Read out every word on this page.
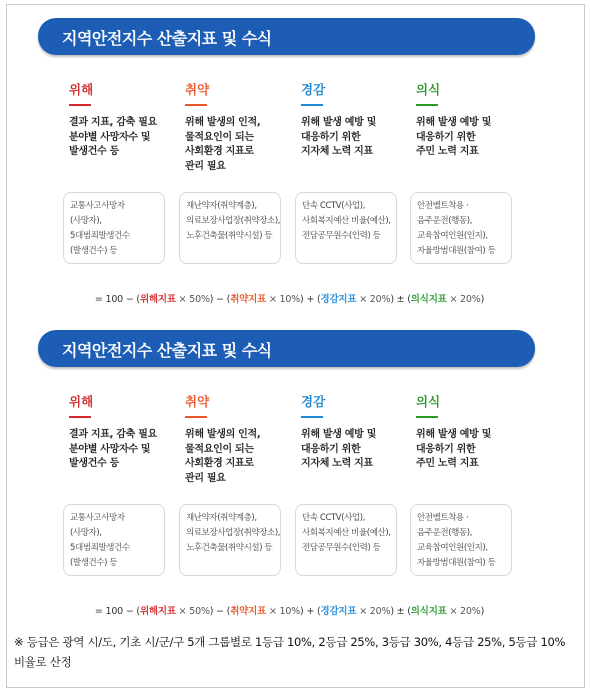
지역안전지수 산출지표 및 수식
위해
결과 지표, 감축 필요
분야별 사망자수 및
발생건수 등
교통사고사망자
(사망자),
5대범죄발생건수
(발생건수) 등
취약
위해 발생의 인적,
물적요인이 되는
사회환경 지표로
관리 필요
재난약자(취약계층),
의료보장사업장(취약장소),
노후건축물(취약시설) 등
경감
위해 발생 예방 및
대응하기 위한
지자체 노력 지표
단속 CCTV(사업),
사회복지예산 비율(예산),
전담공무원수(인력) 등
의식
위해 발생 예방 및
대응하기 위한
주민 노력 지표
안전벨트착용 ·
음주운전(행동),
교육참여인원(인지),
자율방범대원(참여) 등
= 100 − (위해지표 × 50%) − (취약지표 × 10%) + (경감지표 × 20%) ± (의식지표 × 20%)
지역안전지수 산출지표 및 수식
위해
결과 지표, 감축 필요
분야별 사망자수 및
발생건수 등
교통사고사망자
(사망자),
5대범죄발생건수
(발생건수) 등
취약
위해 발생의 인적,
물적요인이 되는
사회환경 지표로
관리 필요
재난약자(취약계층),
의료보장사업장(취약장소),
노후건축물(취약시설) 등
경감
위해 발생 예방 및
대응하기 위한
지자체 노력 지표
단속 CCTV(사업),
사회복지예산 비율(예산),
전담공무원수(인력) 등
의식
위해 발생 예방 및
대응하기 위한
주민 노력 지표
안전벨트착용 ·
음주운전(행동),
교육참여인원(인지),
자율방범대원(참여) 등
= 100 − (위해지표 × 50%) − (취약지표 × 10%) + (경감지표 × 20%) ± (의식지표 × 20%)
※ 등급은 광역 시/도, 기초 시/군/구 5개 그룹별로 1등급 10%, 2등급 25%, 3등급 30%, 4등급 25%, 5등급 10% 비율로 산정
